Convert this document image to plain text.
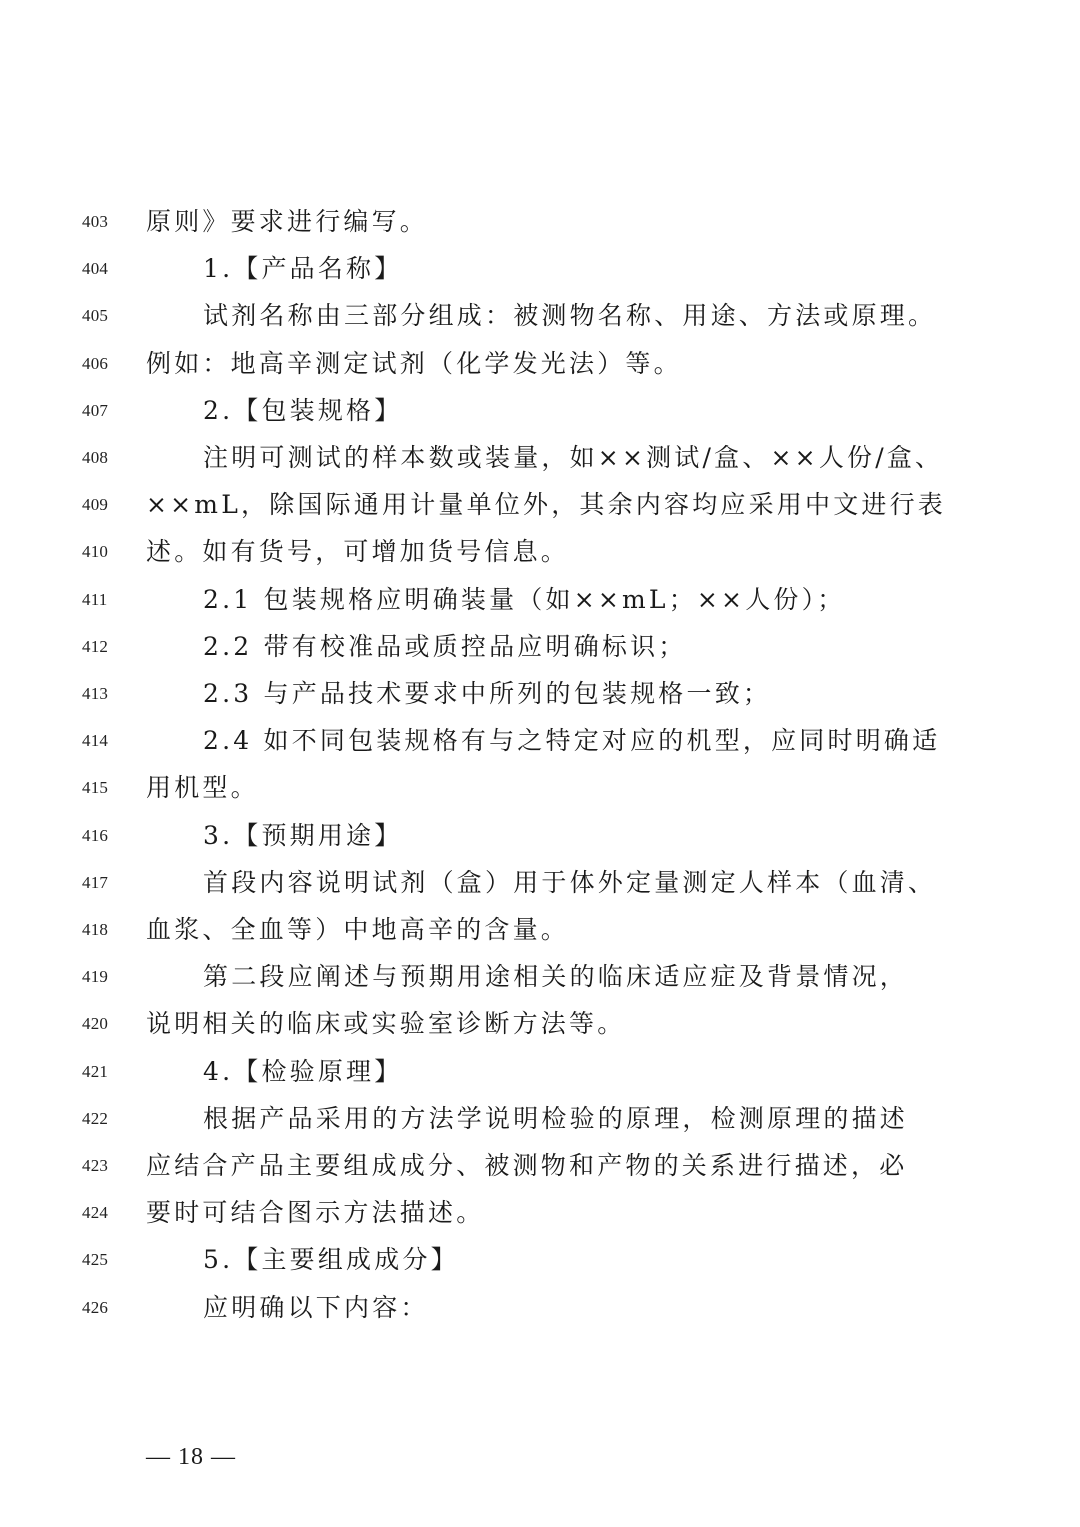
403 原则》要求进行编写。
404	1.【产品名称】
405	试剂名称由三部分组成：被测物名称、用途、方法或原理。
406 例如：地高辛测定试剂（化学发光法）等。
407	2.【包装规格】
408	注明可测试的样本数或装量，如××测试/盒、××人份/盒、
409 ××mL，除国际通用计量单位外，其余内容均应采用中文进行表
410 述。如有货号，可增加货号信息。
411	2.1 包装规格应明确装量（如××mL；××人份）；
412	2.2 带有校准品或质控品应明确标识；
413	2.3 与产品技术要求中所列的包装规格一致；
414	2.4 如不同包装规格有与之特定对应的机型，应同时明确适
415 用机型。
416	3.【预期用途】
417	首段内容说明试剂（盒）用于体外定量测定人样本（血清、
418 血浆、全血等）中地高辛的含量。
419	第二段应阐述与预期用途相关的临床适应症及背景情况，
420 说明相关的临床或实验室诊断方法等。
421	4.【检验原理】
422	根据产品采用的方法学说明检验的原理，检测原理的描述
423 应结合产品主要组成成分、被测物和产物的关系进行描述，必
424 要时可结合图示方法描述。
425	5.【主要组成成分】
426	应明确以下内容：
— 18 —
